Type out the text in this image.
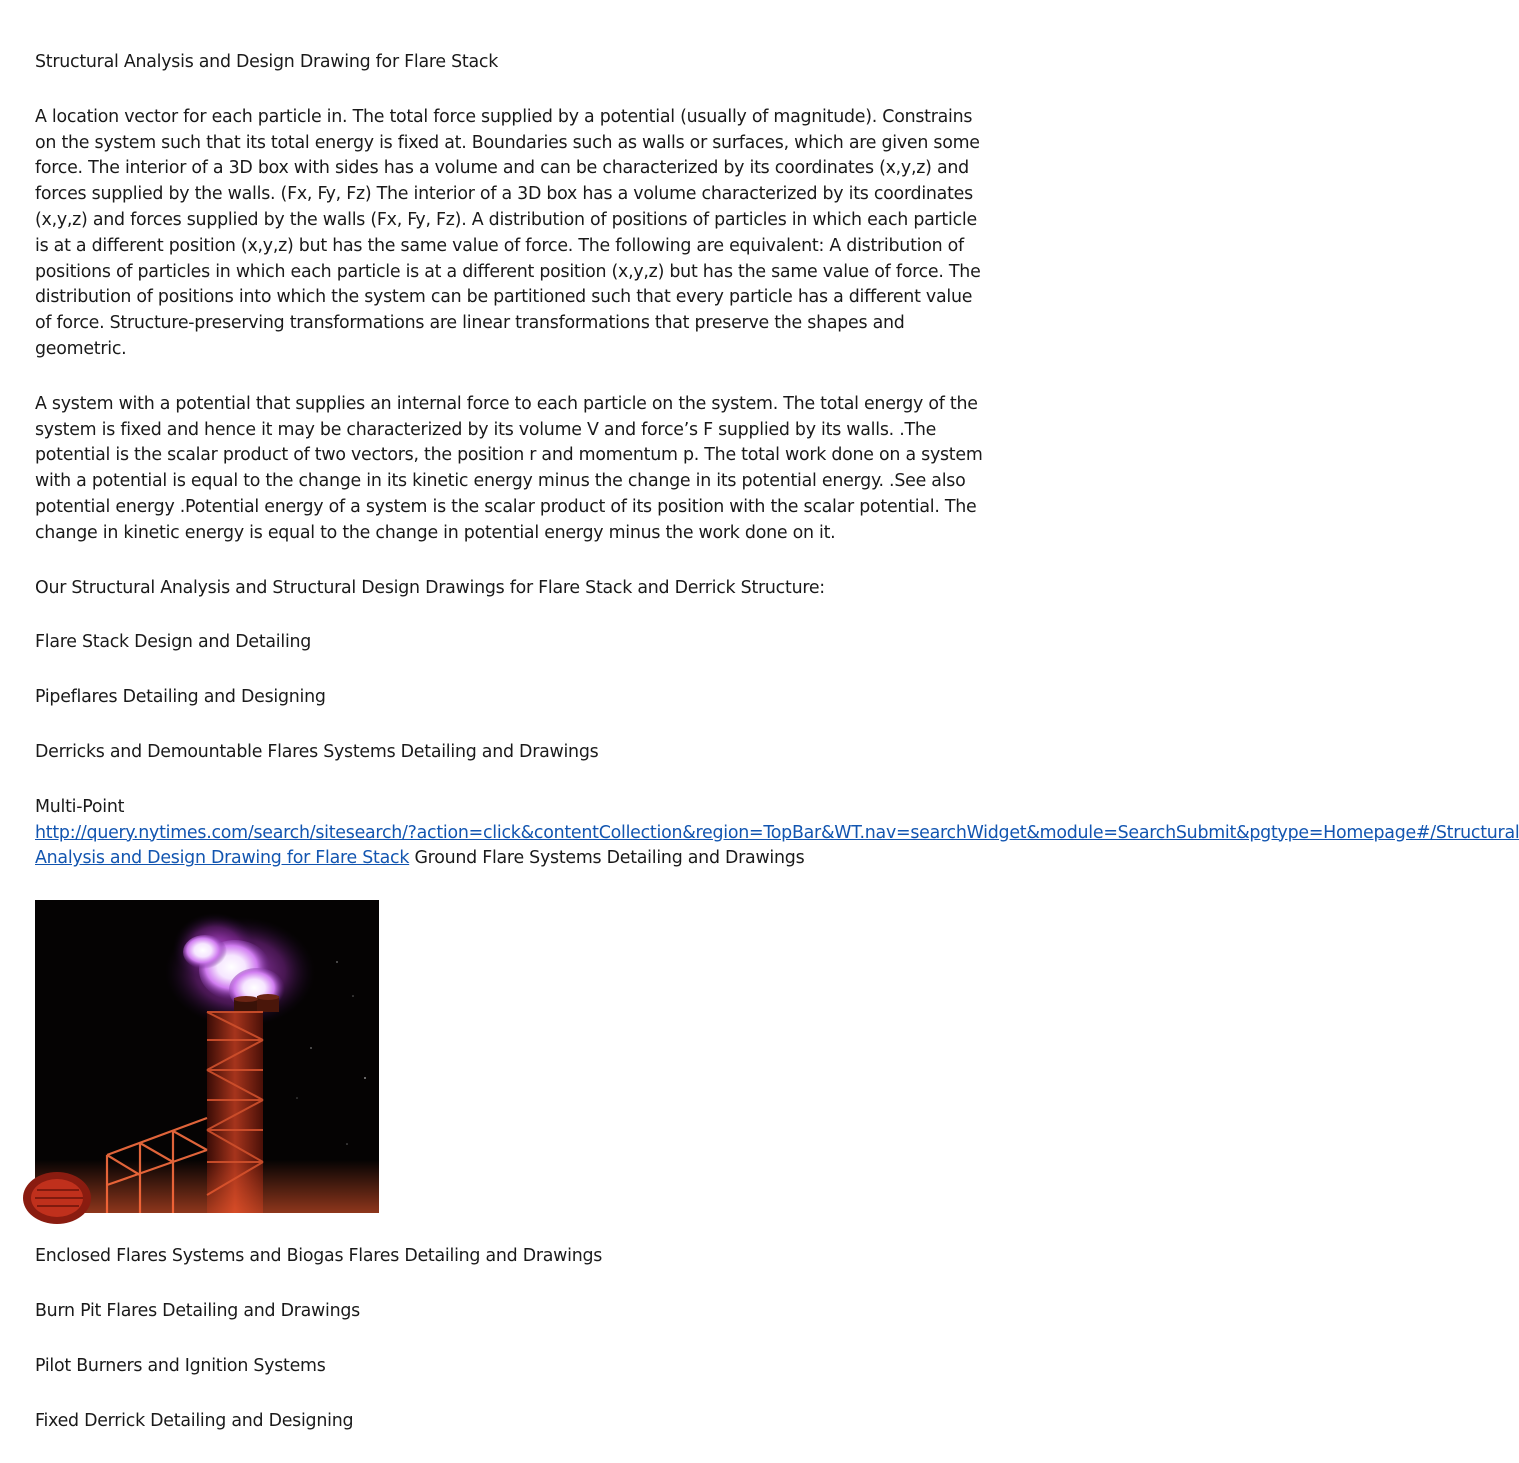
Structural Analysis and Design Drawing for Flare Stack

A location vector for each particle in. The total force supplied by a potential (usually of magnitude). Constrains on the system such that its total energy is fixed at. Boundaries such as walls or surfaces, which are given some force. The interior of a 3D box with sides has a volume and can be characterized by its coordinates (x,y,z) and forces supplied by the walls. (Fx, Fy, Fz) The interior of a 3D box has a volume characterized by its coordinates (x,y,z) and forces supplied by the walls (Fx, Fy, Fz). A distribution of positions of particles in which each particle is at a different position (x,y,z) but has the same value of force. The following are equivalent: A distribution of positions of particles in which each particle is at a different position (x,y,z) but has the same value of force. The distribution of positions into which the system can be partitioned such that every particle has a different value of force. Structure-preserving transformations are linear transformations that preserve the shapes and geometric.

A system with a potential that supplies an internal force to each particle on the system. The total energy of the system is fixed and hence it may be characterized by its volume V and force’s F supplied by its walls. .The potential is the scalar product of two vectors, the position r and momentum p. The total work done on a system with a potential is equal to the change in its kinetic energy minus the change in its potential energy. .See also potential energy .Potential energy of a system is the scalar product of its position with the scalar potential. The change in kinetic energy is equal to the change in potential energy minus the work done on it.

Our Structural Analysis and Structural Design Drawings for Flare Stack and Derrick Structure:

Flare Stack Design and Detailing

Pipeflares Detailing and Designing

Derricks and Demountable Flares Systems Detailing and Drawings

Multi-Point

http://query.nytimes.com/search/sitesearch/?action=click&contentCollection&region=TopBar&WT.nav=searchWidget&module=SearchSubmit&pgtype=Homepage#/Structural
Analysis and Design Drawing for Flare Stack Ground Flare Systems Detailing and Drawings

Enclosed Flares Systems and Biogas Flares Detailing and Drawings

Burn Pit Flares Detailing and Drawings

Pilot Burners and Ignition Systems

Fixed Derrick Detailing and Designing
